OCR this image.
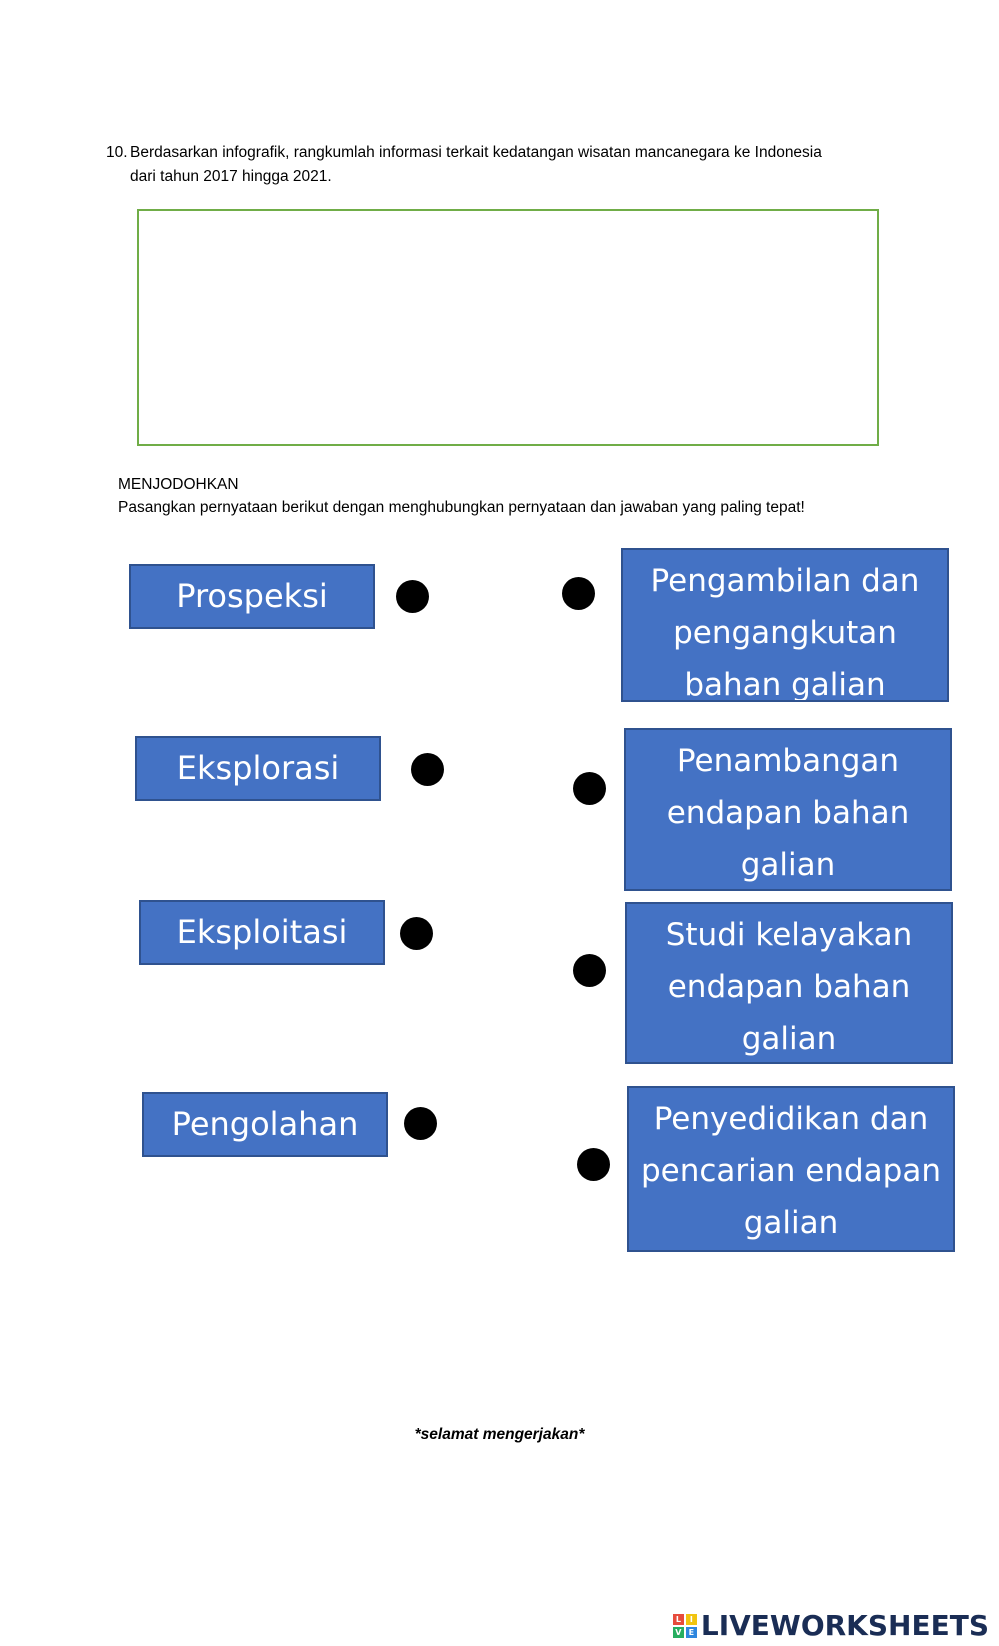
10. Berdasarkan infografik, rangkumlah informasi terkait kedatangan wisatan mancanegara ke Indonesia
dari tahun 2017 hingga 2021.
MENJODOHKAN
Pasangkan pernyataan berikut dengan menghubungkan pernyataan dan jawaban yang paling tepat!
Prospeksi
Eksplorasi
Eksploitasi
Pengolahan
Pengambilan dan pengangkutan bahan galian
Penambangan endapan bahan galian
Studi kelayakan endapan bahan galian
Penyedidikan dan pencarian endapan galian
*selamat mengerjakan*
L	I
V E LIVEWORKSHEETS
